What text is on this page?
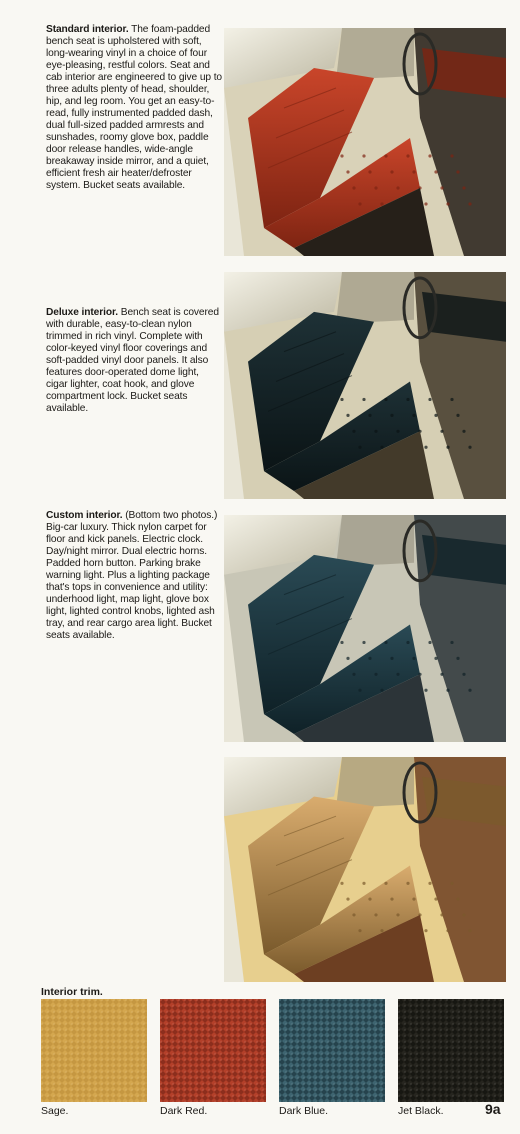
Standard interior. The foam-padded bench seat is upholstered with soft, long-wearing vinyl in a choice of four eye-pleasing, restful colors. Seat and cab interior are engineered to give up to three adults plenty of head, shoulder, hip, and leg room. You get an easy-to-read, fully instrumented padded dash, dual full-sized padded armrests and sunshades, roomy glove box, paddle door release handles, wide-angle breakaway inside mirror, and a quiet, efficient fresh air heater/defroster system. Bucket seats available.
Deluxe interior. Bench seat is covered with durable, easy-to-clean nylon trimmed in rich vinyl. Complete with color-keyed vinyl floor coverings and soft-padded vinyl door panels. It also features door-operated dome light, cigar lighter, coat hook, and glove compartment lock. Bucket seats available.
Custom interior. (Bottom two photos.) Big-car luxury. Thick nylon carpet for floor and kick panels. Electric clock. Day/night mirror. Dual electric horns. Padded horn button. Parking brake warning light. Plus a lighting package that's tops in convenience and utility: underhood light, map light, glove box light, lighted control knobs, lighted ash tray, and rear cargo area light. Bucket seats available.
Interior trim.
Sage.	Dark Red.	Dark Blue.	Jet Black.	9a
